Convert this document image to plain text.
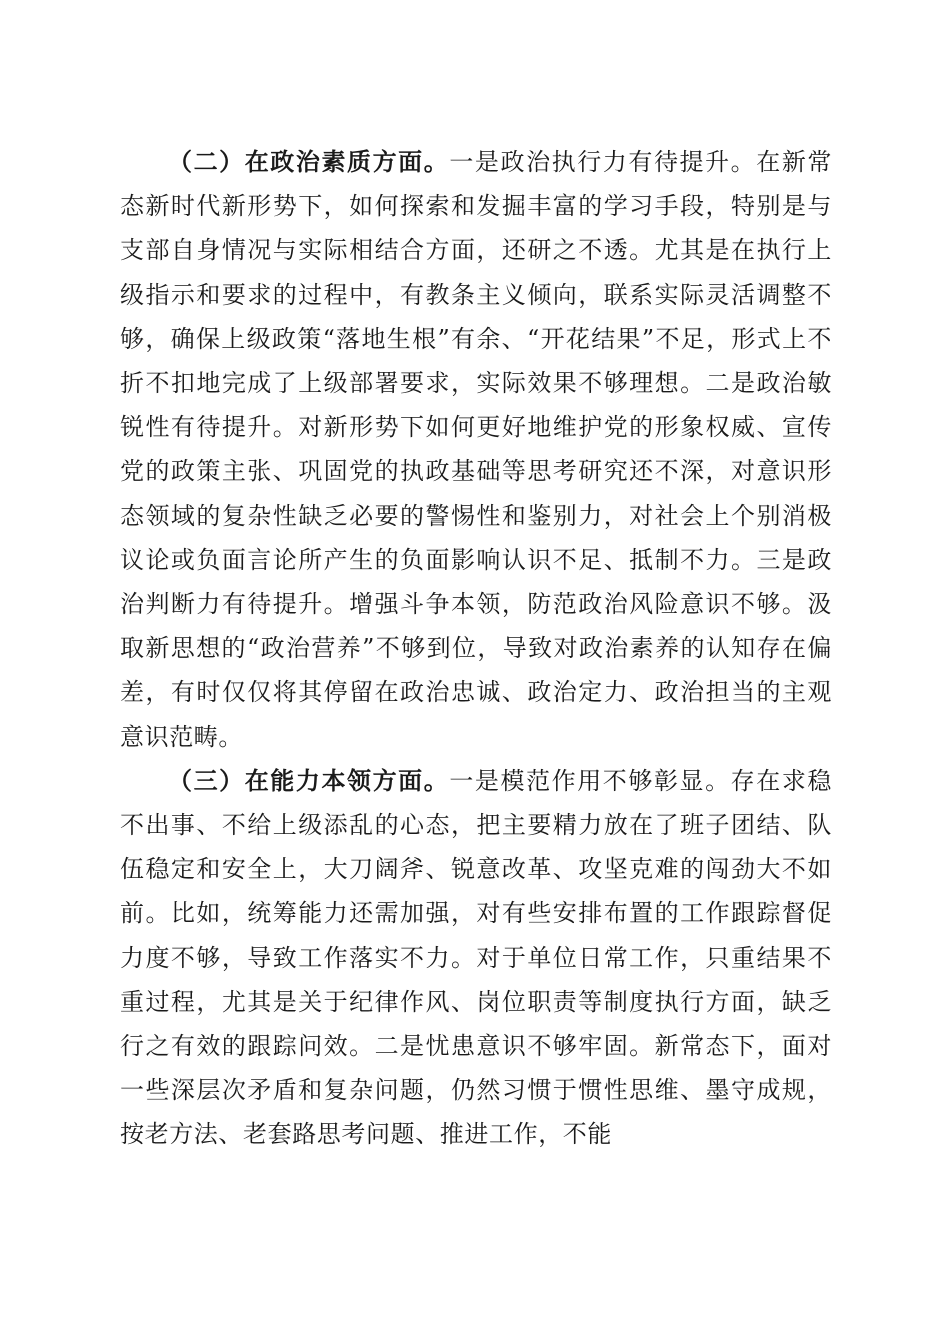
（二）在政治素质方面。一是政治执行力有待提升。在新常态新时代新形势下，如何探索和发掘丰富的学习手段，特别是与支部自身情况与实际相结合方面，还研之不透。尤其是在执行上级指示和要求的过程中，有教条主义倾向，联系实际灵活调整不够，确保上级政策“落地生根”有余、“开花结果”不足，形式上不折不扣地完成了上级部署要求，实际效果不够理想。二是政治敏锐性有待提升。对新形势下如何更好地维护党的形象权威、宣传党的政策主张、巩固党的执政基础等思考研究还不深，对意识形态领域的复杂性缺乏必要的警惕性和鉴别力，对社会上个别消极议论或负面言论所产生的负面影响认识不足、抵制不力。三是政治判断力有待提升。增强斗争本领，防范政治风险意识不够。汲取新思想的“政治营养”不够到位，导致对政治素养的认知存在偏差，有时仅仅将其停留在政治忠诚、政治定力、政治担当的主观意识范畴。

（三）在能力本领方面。一是模范作用不够彰显。存在求稳不出事、不给上级添乱的心态，把主要精力放在了班子团结、队伍稳定和安全上，大刀阔斧、锐意改革、攻坚克难的闯劲大不如前。比如，统筹能力还需加强，对有些安排布置的工作跟踪督促力度不够，导致工作落实不力。对于单位日常工作，只重结果不重过程，尤其是关于纪律作风、岗位职责等制度执行方面，缺乏行之有效的跟踪问效。二是忧患意识不够牢固。新常态下，面对一些深层次矛盾和复杂问题，仍然习惯于惯性思维、墨守成规，按老方法、老套路思考问题、推进工作，不能
